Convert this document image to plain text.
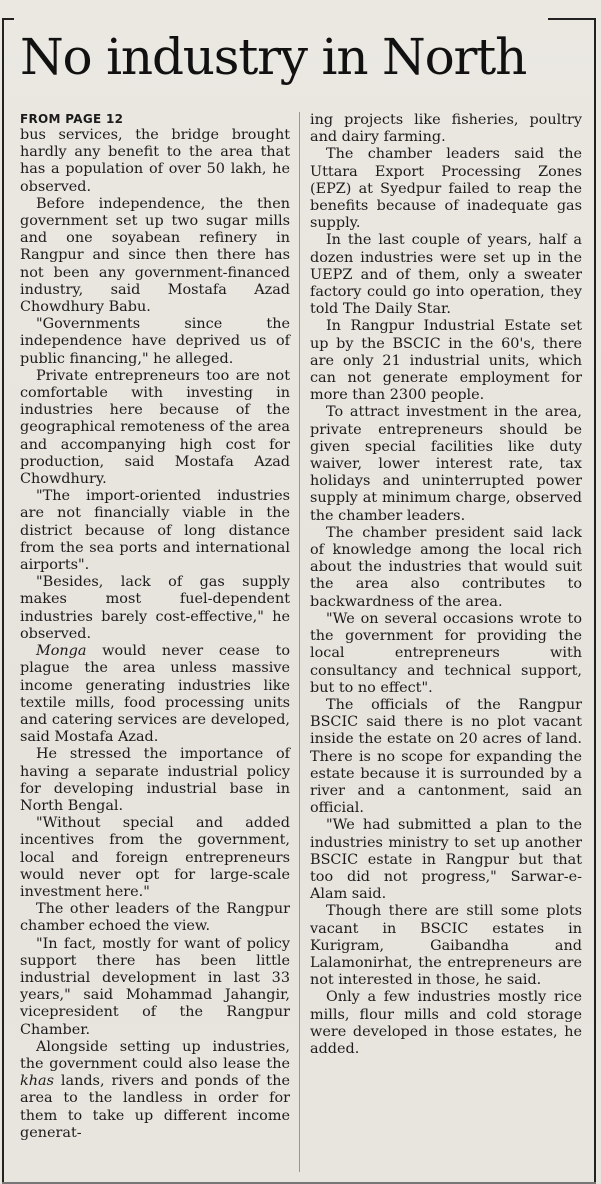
No industry in North
FROM PAGE 12

bus services, the bridge brought hardly any benefit to the area that has a population of over 50 lakh, he observed.

Before independence, the then government set up two sugar mills and one soyabean refinery in Rangpur and since then there has not been any government-financed industry, said Mostafa Azad Chowdhury Babu.

"Governments since the independence have deprived us of public financing," he alleged.

Private entrepreneurs too are not comfortable with investing in industries here because of the geographical remoteness of the area and accompanying high cost for production, said Mostafa Azad Chowdhury.

"The import-oriented industries are not financially viable in the district because of long distance from the sea ports and international airports".

"Besides, lack of gas supply makes most fuel-dependent industries barely cost-effective," he observed.

Monga would never cease to plague the area unless massive income generating industries like textile mills, food processing units and catering services are developed, said Mostafa Azad.

He stressed the importance of having a separate industrial policy for developing industrial base in North Bengal.

"Without special and added incentives from the government, local and foreign entrepreneurs would never opt for large-scale investment here."

The other leaders of the Rangpur chamber echoed the view.

"In fact, mostly for want of policy support there has been little industrial development in last 33 years," said Mohammad Jahangir, vicepresident of the Rangpur Chamber.

Alongside setting up industries, the government could also lease the khas lands, rivers and ponds of the area to the landless in order for them to take up different income generat-

ing projects like fisheries, poultry and dairy farming.

The chamber leaders said the Uttara Export Processing Zones (EPZ) at Syedpur failed to reap the benefits because of inadequate gas supply.

In the last couple of years, half a dozen industries were set up in the UEPZ and of them, only a sweater factory could go into operation, they told The Daily Star.

In Rangpur Industrial Estate set up by the BSCIC in the 60's, there are only 21 industrial units, which can not generate employment for more than 2300 people.

To attract investment in the area, private entrepreneurs should be given special facilities like duty waiver, lower interest rate, tax holidays and uninterrupted power supply at minimum charge, observed the chamber leaders.

The chamber president said lack of knowledge among the local rich about the industries that would suit the area also contributes to backwardness of the area.

"We on several occasions wrote to the government for providing the local entrepreneurs with consultancy and technical support, but to no effect".

The officials of the Rangpur BSCIC said there is no plot vacant inside the estate on 20 acres of land. There is no scope for expanding the estate because it is surrounded by a river and a cantonment, said an official.

"We had submitted a plan to the industries ministry to set up another BSCIC estate in Rangpur but that too did not progress," Sarwar-e- Alam said.

Though there are still some plots vacant in BSCIC estates in Kurigram, Gaibandha and Lalamonirhat, the entrepreneurs are not interested in those, he said.

Only a few industries mostly rice mills, flour mills and cold storage were developed in those estates, he added.
